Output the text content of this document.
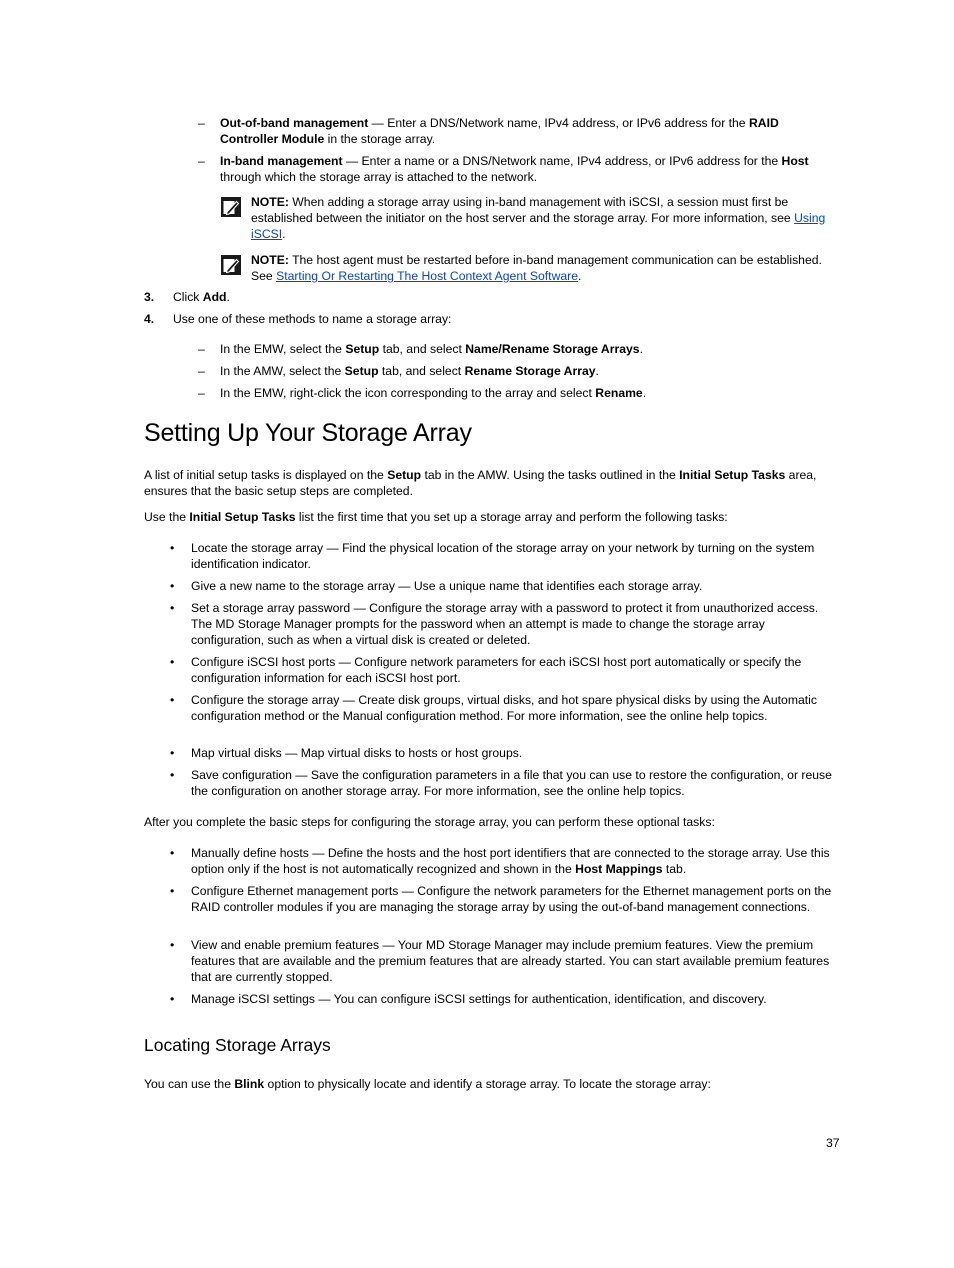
–	Out-of-band management — Enter a DNS/Network name, IPv4 address, or IPv6 address for the RAID Controller Module in the storage array.
–	In-band management — Enter a name or a DNS/Network name, IPv4 address, or IPv6 address for the Host through which the storage array is attached to the network.
NOTE: When adding a storage array using in-band management with iSCSI, a session must first be established between the initiator on the host server and the storage array. For more information, see Using iSCSI.
NOTE: The host agent must be restarted before in-band management communication can be established. See Starting Or Restarting The Host Context Agent Software.
3. Click Add.
4. Use one of these methods to name a storage array:
–	In the EMW, select the Setup tab, and select Name/Rename Storage Arrays.
–	In the AMW, select the Setup tab, and select Rename Storage Array.
–	In the EMW, right-click the icon corresponding to the array and select Rename.
Setting Up Your Storage Array
A list of initial setup tasks is displayed on the Setup tab in the AMW. Using the tasks outlined in the Initial Setup Tasks area, ensures that the basic setup steps are completed.
Use the Initial Setup Tasks list the first time that you set up a storage array and perform the following tasks:
•	Locate the storage array — Find the physical location of the storage array on your network by turning on the system identification indicator.
•	Give a new name to the storage array — Use a unique name that identifies each storage array.
•	Set a storage array password — Configure the storage array with a password to protect it from unauthorized access. The MD Storage Manager prompts for the password when an attempt is made to change the storage array configuration, such as when a virtual disk is created or deleted.
•	Configure iSCSI host ports — Configure network parameters for each iSCSI host port automatically or specify the configuration information for each iSCSI host port.
•	Configure the storage array — Create disk groups, virtual disks, and hot spare physical disks by using the Automatic configuration method or the Manual configuration method. For more information, see the online help topics.
•	Map virtual disks — Map virtual disks to hosts or host groups.
•	Save configuration — Save the configuration parameters in a file that you can use to restore the configuration, or reuse the configuration on another storage array. For more information, see the online help topics.
After you complete the basic steps for configuring the storage array, you can perform these optional tasks:
•	Manually define hosts — Define the hosts and the host port identifiers that are connected to the storage array. Use this option only if the host is not automatically recognized and shown in the Host Mappings tab.
•	Configure Ethernet management ports — Configure the network parameters for the Ethernet management ports on the RAID controller modules if you are managing the storage array by using the out-of-band management connections.
•	View and enable premium features — Your MD Storage Manager may include premium features. View the premium features that are available and the premium features that are already started. You can start available premium features that are currently stopped.
•	Manage iSCSI settings — You can configure iSCSI settings for authentication, identification, and discovery.
Locating Storage Arrays
You can use the Blink option to physically locate and identify a storage array. To locate the storage array:
37
